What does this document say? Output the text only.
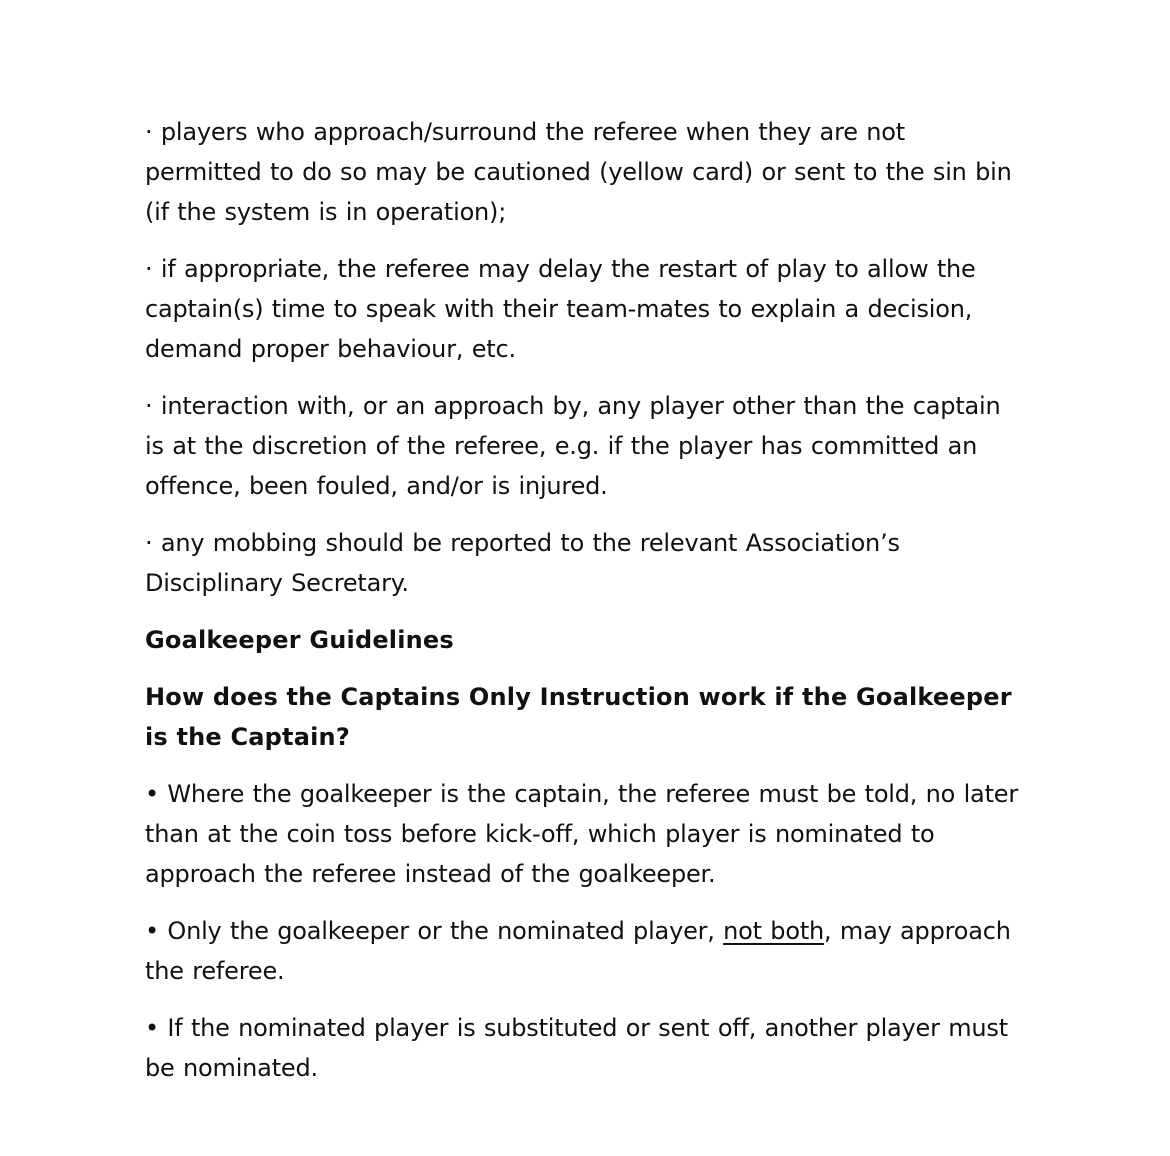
· players who approach/surround the referee when they are not permitted to do so may be cautioned (yellow card) or sent to the sin bin (if the system is in operation);

· if appropriate, the referee may delay the restart of play to allow the captain(s) time to speak with their team-mates to explain a decision, demand proper behaviour, etc.

· interaction with, or an approach by, any player other than the captain is at the discretion of the referee, e.g. if the player has committed an offence, been fouled, and/or is injured.

· any mobbing should be reported to the relevant Association’s Disciplinary Secretary.

Goalkeeper Guidelines

How does the Captains Only Instruction work if the Goalkeeper is the Captain?

• Where the goalkeeper is the captain, the referee must be told, no later than at the coin toss before kick-off, which player is nominated to approach the referee instead of the goalkeeper.

• Only the goalkeeper or the nominated player, not both, may approach the referee.

• If the nominated player is substituted or sent off, another player must be nominated.
